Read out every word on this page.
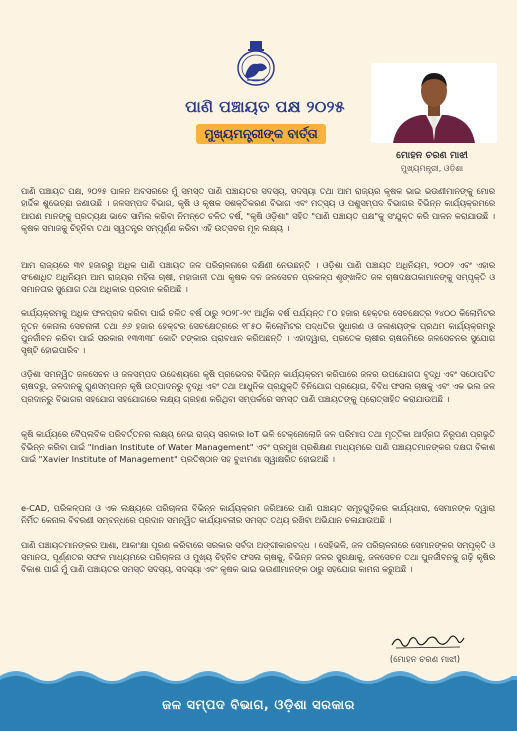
ପାଣି ପଞ୍ଚାୟତ ପକ୍ଷ ୨୦୨୫
ମୁଖ୍ୟମନ୍ତ୍ରୀଙ୍କ ବାର୍ତ୍ତା
ମୋହନ ଚରଣ ମାଝୀ
ମୁଖ୍ୟମନ୍ତ୍ରୀ, ଓଡ଼ିଶା

ପାଣି ପଞ୍ଚାୟତ ପକ୍ଷ, ୨୦୨୫ ପାଳନ ଅବସରରେ ମୁଁ ସମସ୍ତ ପାଣି ପଞ୍ଚାୟତର ସଦସ୍ୟ, ସଦସ୍ୟା ତଥା ଆମ ରାଜ୍ୟର କୃଷକ ଭାଇ ଭଉଣୀମାନଙ୍କୁ ମୋର ହାର୍ଦ୍ଦିକ ଶୁଭେଚ୍ଛା ଜଣାଉଛି । ଜଳସମ୍ପଦ ବିଭାଗ, କୃଷି ଓ କୃଷକ ସଶକ୍ତିକରଣ ବିଭାଗ ଏବଂ ମତ୍ସ୍ୟ ଓ ପଶୁସମ୍ପଦ ବିଭାଗର ବିଭିନ୍ନ କାର୍ଯ୍ୟକ୍ରମରେ ଆପଣ ମାନଙ୍କୁ ପ୍ରତ୍ୟକ୍ଷ ଭାବେ ସାମିଲ କରିବା ନିମନ୍ତେ ଚଳିତ ବର୍ଷ, "କୃଷି ଓଡ଼ିଶା" ସହିତ "ପାଣି ପଞ୍ଚାୟତ ପକ୍ଷ"କୁ ସଂଯୁକ୍ତ କରି ପାଳନ କରାଯାଉଛି । କୃଷକ ସମାଜକୁ ଚିହ୍ନିବା ତଥା ସ୍ୱତନ୍ତ୍ର ସମ୍ପୂର୍ଣ୍ଣ କରିବା ଏହି ଉତ୍ସବର ମୂଳ ଲକ୍ଷ୍ୟ ।

ଆମ ରାଜ୍ୟରେ ୩୧ ହଜାରରୁ ଅଧିକ ପାଣି ପଞ୍ଚାୟତ ଜଳ ପରିଚାଳନାରେ ଦକ୍ଷିଣୀ ନେଉଛନ୍ତି । ଓଡ଼ିଶା ପାଣି ପଞ୍ଚାୟତ ଅଧିନିୟମ, ୨୦୦୨ ଏବଂ ଏହାର ସଂଶୋଧିତ ଅଧିନିୟମ ଆମ ରାଜ୍ୟର ମହିଳା ଚାଷୀ, ମହାଜାନୀ ତଥା କୃଷକ ଦଳ ଜଳସେଚନ ପ୍ରକଳ୍ପ ଶୃଙ୍ଖଳିତ ଜଳ ଚାଷଦକ୍ଷତାକାମାନଙ୍କୁ ସମ୍ପୃକ୍ତି ଓ ସମାନତାର ସୁଯୋଗ ତଥା ଅଧିକାର ପ୍ରଦାନ କରିଅଛି ।

କାର୍ଯ୍ୟକ୍ରମକୁ ଅଧିକ ଫଳପ୍ରଦ କରିବା ପାଇଁ ଚଳିତ ବର୍ଷ ଠାରୁ ୨୦୨୮-୨୯ ଆର୍ଥିକ ବର୍ଷ ପର୍ଯ୍ୟନ୍ତ ୮୦ ହଜାର ହେକ୍ଟର ସେଚକ୍ଷେତ୍ର ୨୪୦୦ କିଲୋମିଟର ନୂତନ କେନାଲ ସେଚନାଳୀ ତଥା ୬୬ ହଜାର ହେକ୍ଟର ସେଚକ୍ଷେତ୍ରରେ ୧୮୫୦ କିଲୋମିଟର ପଦ୍ଧତିର ସୁଧାରଣ ଓ ଜଳାଶୟଙ୍କ ପ୍ରଥମ କାର୍ଯ୍ୟକ୍ରମରୁ ପୁନର୍ଜୀବନ କରିବା ପାଇଁ ସରକାର ୧୩୩୩୮ କୋଟି ଟଙ୍କାର ପ୍ରାବଧାନ କରିଅଛନ୍ତି । ଏହାଦ୍ୱାରା, ପ୍ରତେକ ଚାଷୀର ଚାଷଜମିରେ ଜଳସେଚନର ସୁଯୋଗ ସୃଷ୍ଟି ହୋଇପାରିବ ।

ଓଡ଼ିଶା ସମନ୍ୱିତ ଜଳସେଚନ ଓ ଜଳସମ୍ପଦ ଉଦ୍ଦେଶ୍ୟରେ କୃଷି ପ୍ରଭେଦର ବିଭିନ୍ନ କାର୍ଯ୍ୟକ୍ରମ କରିପାରେ ଜଳର ଉପଯୋଗତା ବୃଦ୍ଧି ଏବଂ ସଠୋପଟିତ ଚାଷଦରୁ, ଜଳଦାନକୁ ଗୁଣସମ୍ପନ୍ନ କୃଷି ଉତ୍ପାଦନରୁ ବୃଦ୍ଧି ଏବଂ ତଥା ଆଧୁନିକ ପ୍ରଯୁକ୍ତି ବିନିଯୋଗ ପ୍ରୟୋଗ, ବିବିଧ ଫସଲ ଚାଷକୁ ଏବଂ ଏକ ଭଲ ଜଳ ପ୍ରଦାନରୁ ବିଭାଗର ସହଯୋଗ ସହଯୋଗରେ ଲକ୍ଷ୍ୟ ଗ୍ରହଣ କରିଥିବା ସମ୍ପର୍କରେ ସମସ୍ତ ପାଣି ପଞ୍ଚାୟତଙ୍କୁ ପ୍ରୋତ୍ସାହିତ କରାଯାଉଅଛି ।

କୃଷି କାର୍ଯ୍ୟରେ ବୈପ୍ଲବିକ ପରିବର୍ତ୍ତନର ଲକ୍ଷ୍ୟ ନେଇ ରାଜ୍ୟ ସରକାର IoT ଭଳି ଟେକ୍ନୋଲୋଜି ଜଳ ପରିମାପ ତଥା ମୃତ୍ତିକା ଆର୍ଦ୍ରତା ନିରୂପଣ ପ୍ରଭୃତି ବିଭିନ୍ନ କରିବା ପାଇଁ "Indian Institute of Water Management" ଏବଂ ପ୍ରମୁଖ ପ୍ରଶିକ୍ଷଣ ମାଧ୍ୟମରେ ପାଣି ପଞ୍ଚାୟତମାନଙ୍କର ଦକ୍ଷତା ବିକାଶ ପାଇଁ "Xavier Institute of Management" ପ୍ରତିଷ୍ଠାନ ସହ ବୁଝାମଣା ସ୍ୱାକ୍ଷରିତ ହୋଇଅଛି ।

e-CAD, ପରିକଳ୍ପନା ଓ ଏକ ଲକ୍ଷ୍ୟରେ ପରିଚାଳନା ବିଭିନ୍ନ କାର୍ଯ୍ୟକ୍ରମ ଜରିଆରେ ପାଣି ପଞ୍ଚାୟତ ସମୂହଗୁଡ଼ିକର କାର୍ଯ୍ୟଧାରା, ସେମାନଙ୍କ ଦ୍ୱାରା ନିର୍ମିତ କେନାଲ ବିବରଣୀ ସମ୍ବନ୍ଧରେ ପ୍ରଦାନ ସମନ୍ୱିତ କାର୍ଯ୍ୟାବଳୀର ସମସ୍ତ ତଥ୍ୟ ରଖିବା ଅଭିଯାନ ଚଳାଯାଉଅଛି ।

ପାଣି ପଞ୍ଚାୟତମାନଙ୍କର ଆଶା, ଆକାଂକ୍ଷା ପୂରଣ କରିବାରେ ସରକାର ସର୍ବଦା ଅଙ୍ଗୀକାରବଦ୍ଧ । ସେହିଭଳି, ଜଳ ପରିଚାଳନାରେ ସେମାନଙ୍କର ସମ୍ପୃକ୍ତି ଓ ସମାନତା, ପୂର୍ଣ୍ଣତର ସଫଳ ମାଧ୍ୟମରେ ପରିଚାଳନା ଓ ମୁଖ୍ୟ ଚିହ୍ନିବ ଫସଲ ଚାଷକୁ, ବିଭିନ୍ନ ଜଳର ସୁରକ୍ଷାକୁ, ଜଳସେଚନ ତଥା ପୁନର୍ଜୀବନକୁ ଗଢ଼ି କୃଷିର ବିକାଶ ପାଇଁ ମୁଁ ପାଣି ପଞ୍ଚାୟତର ସମସ୍ତ ସଦସ୍ୟ, ସଦସ୍ୟା ଏବଂ କୃଷକ ଭାଇ ଭଉଣୀମାନଙ୍କ ଠାରୁ ସହଯୋଗ କାମନା କରୁଅଛି ।

(ମୋହନ ଚରଣ ମାଝୀ)
ଜଳ ସମ୍ପଦ ବିଭାଗ, ଓଡ଼ିଶା ସରକାର
